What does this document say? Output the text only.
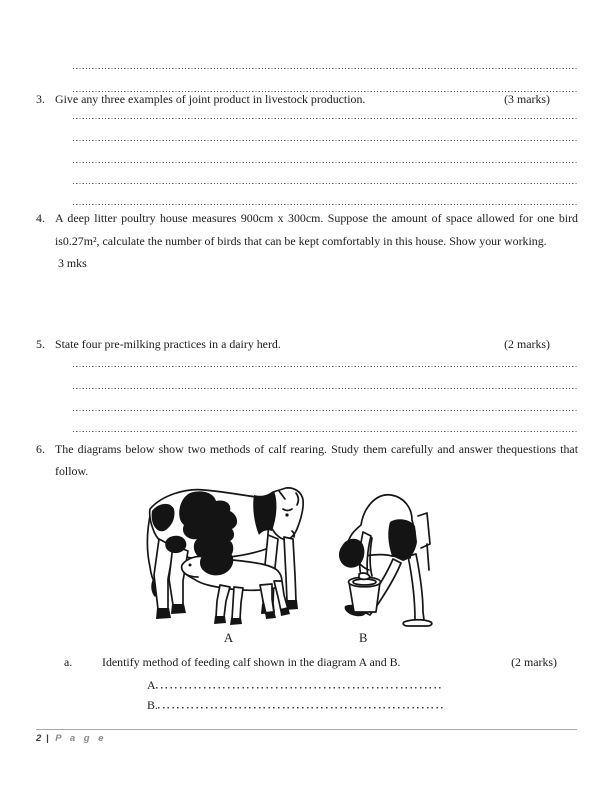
3. Give any three examples of joint product in livestock production.	(3 marks)
4. A deep litter poultry house measures 900cm x 300cm. Suppose the amount of space allowed for one bird
is0.27m², calculate the number of birds that can be kept comfortably in this house. Show your working.
3 mks
5. State four pre-milking practices in a dairy herd.	(2 marks)
6. The diagrams below show two methods of calf rearing. Study them carefully and answer thequestions that
follow.
A	B
a. Identify method of feeding calf shown in the diagram A and B.	(2 marks)
A
B.
2 | P a g e
